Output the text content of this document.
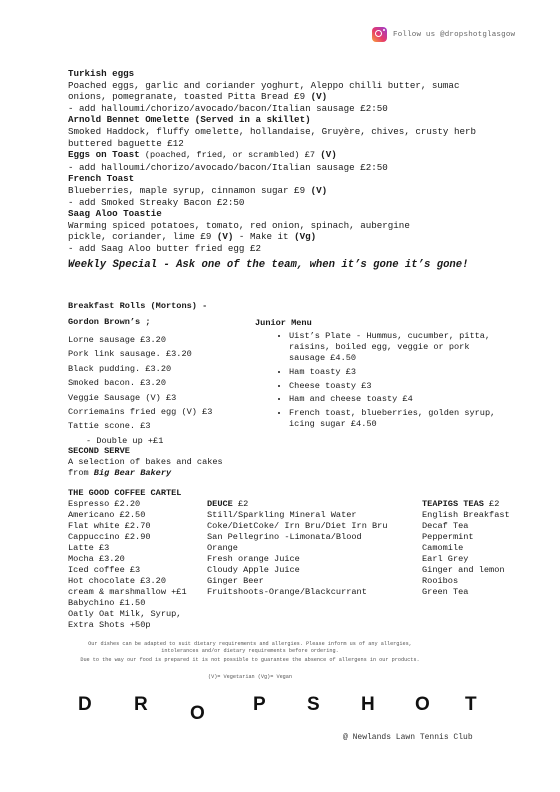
Follow us @dropshotglasgow
Turkish eggs
Poached eggs, garlic and coriander yoghurt, Aleppo chilli butter, sumac
onions, pomegranate, toasted Pitta Bread £9 (V)
- add halloumi/chorizo/avocado/bacon/Italian sausage £2:50
Arnold Bennet Omelette (Served in a skillet)
Smoked Haddock, fluffy omelette, hollandaise, Gruyère, chives, crusty herb
buttered baguette £12
Eggs on Toast (poached, fried, or scrambled) £7 (V)
- add halloumi/chorizo/avocado/bacon/Italian sausage £2:50
French Toast
Blueberries, maple syrup, cinnamon sugar £9 (V)
- add Smoked Streaky Bacon £2:50
Saag Aloo Toastie
Warming spiced potatoes, tomato, red onion, spinach, aubergine
pickle, coriander, lime £9 (V) - Make it (Vg)
- add Saag Aloo butter fried egg £2
Weekly Special - Ask one of the team, when it’s gone it’s gone!
Breakfast Rolls (Mortons) -
Gordon Brown’s ;
Lorne sausage £3.20
Pork link sausage. £3.20
Black pudding. £3.20
Smoked bacon. £3.20
Veggie Sausage (V) £3
Corriemains fried egg (V) £3
Tattie scone. £3
- Double up +£1
Junior Menu
• Uist’s Plate - Hummus, cucumber, pitta, raisins, boiled egg, veggie or pork sausage £4.50
• Ham toasty £3
• Cheese toasty £3
• Ham and cheese toasty £4
• French toast, blueberries, golden syrup, icing sugar £4.50
SECOND SERVE
A selection of bakes and cakes
from Big Bear Bakery
THE GOOD COFFEE CARTEL
Espresso £2.20
Americano £2.50
Flat white £2.70
Cappuccino £2.90
Latte £3
Mocha £3.20
Iced coffee £3
Hot chocolate £3.20
cream & marshmallow +£1
Babychino £1.50
Oatly Oat Milk, Syrup,
Extra Shots +50p
DEUCE £2
Still/Sparkling Mineral Water
Coke/DietCoke/ Irn Bru/Diet Irn Bru
San Pellegrino -Limonata/Blood
Orange
Fresh orange Juice
Cloudy Apple Juice
Ginger Beer
Fruitshoots-Orange/Blackcurrant
TEAPIGS TEAS £2
English Breakfast
Decaf Tea
Peppermint
Camomile
Earl Grey
Ginger and lemon
Rooibos
Green Tea
Our dishes can be adapted to suit dietary requirements and allergies. Please inform us of any allergies, intolerances and/or dietary requirements before ordering.
Due to the way our food is prepared it is not possible to guarantee the absence of allergens in our products.
(V)= Vegetarian (Vg)= Vegan
D R O	P S H O T
@ Newlands Lawn Tennis Club
